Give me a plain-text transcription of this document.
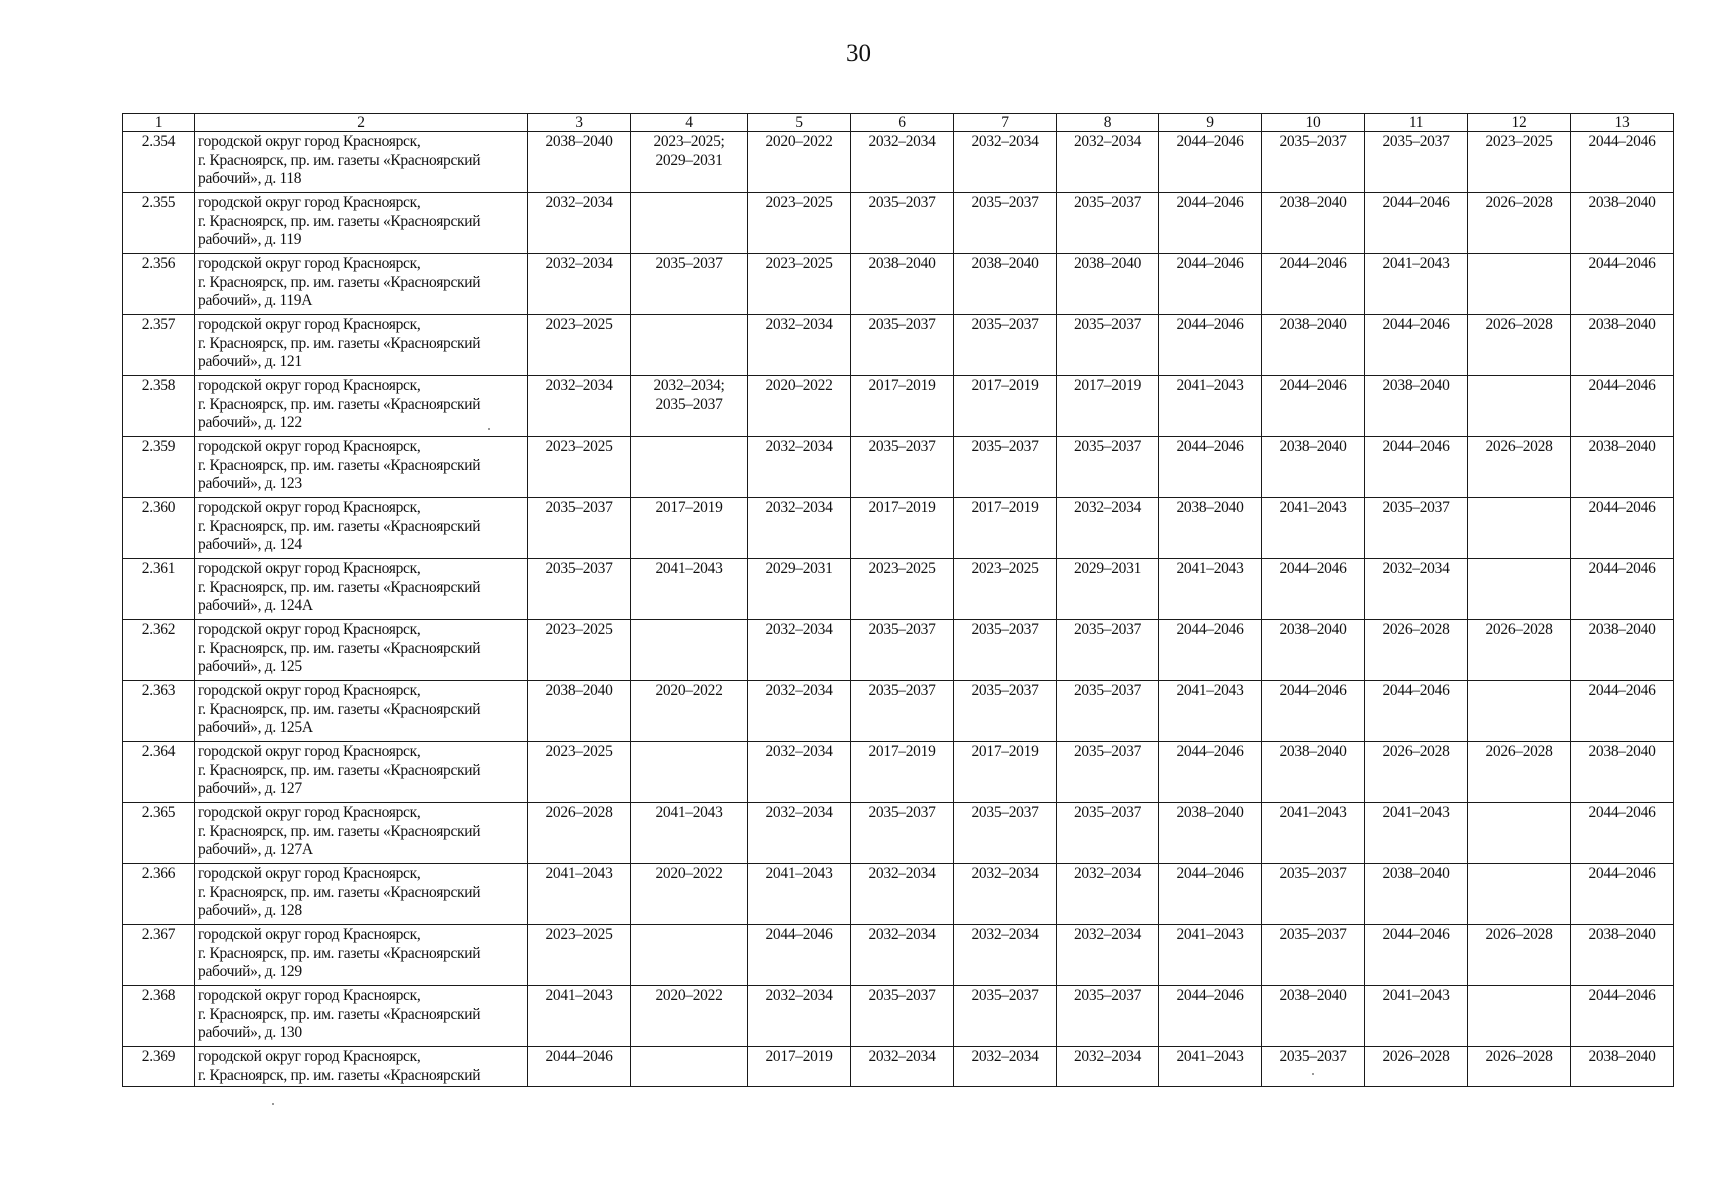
30
1	2	3	4	5	6	7	8	9	10	11	12	13
2.354	городской округ город Красноярск,
г. Красноярск, пр. им. газеты «Красноярский
рабочий», д. 118	2038–2040	2023–2025;
2029–2031	2020–2022	2032–2034	2032–2034	2032–2034	2044–2046	2035–2037	2035–2037	2023–2025	2044–2046
2.355	городской округ город Красноярск,
г. Красноярск, пр. им. газеты «Красноярский
рабочий», д. 119	2032–2034		2023–2025	2035–2037	2035–2037	2035–2037	2044–2046	2038–2040	2044–2046	2026–2028	2038–2040
2.356	городской округ город Красноярск,
г. Красноярск, пр. им. газеты «Красноярский
рабочий», д. 119А	2032–2034	2035–2037	2023–2025	2038–2040	2038–2040	2038–2040	2044–2046	2044–2046	2041–2043		2044–2046
2.357	городской округ город Красноярск,
г. Красноярск, пр. им. газеты «Красноярский
рабочий», д. 121	2023–2025		2032–2034	2035–2037	2035–2037	2035–2037	2044–2046	2038–2040	2044–2046	2026–2028	2038–2040
2.358	городской округ город Красноярск,
г. Красноярск, пр. им. газеты «Красноярский
рабочий», д. 122	2032–2034	2032–2034;
2035–2037	2020–2022	2017–2019	2017–2019	2017–2019	2041–2043	2044–2046	2038–2040		2044–2046
2.359	городской округ город Красноярск,
г. Красноярск, пр. им. газеты «Красноярский
рабочий», д. 123	2023–2025		2032–2034	2035–2037	2035–2037	2035–2037	2044–2046	2038–2040	2044–2046	2026–2028	2038–2040
2.360	городской округ город Красноярск,
г. Красноярск, пр. им. газеты «Красноярский
рабочий», д. 124	2035–2037	2017–2019	2032–2034	2017–2019	2017–2019	2032–2034	2038–2040	2041–2043	2035–2037		2044–2046
2.361	городской округ город Красноярск,
г. Красноярск, пр. им. газеты «Красноярский
рабочий», д. 124А	2035–2037	2041–2043	2029–2031	2023–2025	2023–2025	2029–2031	2041–2043	2044–2046	2032–2034		2044–2046
2.362	городской округ город Красноярск,
г. Красноярск, пр. им. газеты «Красноярский
рабочий», д. 125	2023–2025		2032–2034	2035–2037	2035–2037	2035–2037	2044–2046	2038–2040	2026–2028	2026–2028	2038–2040
2.363	городской округ город Красноярск,
г. Красноярск, пр. им. газеты «Красноярский
рабочий», д. 125А	2038–2040	2020–2022	2032–2034	2035–2037	2035–2037	2035–2037	2041–2043	2044–2046	2044–2046		2044–2046
2.364	городской округ город Красноярск,
г. Красноярск, пр. им. газеты «Красноярский
рабочий», д. 127	2023–2025		2032–2034	2017–2019	2017–2019	2035–2037	2044–2046	2038–2040	2026–2028	2026–2028	2038–2040
2.365	городской округ город Красноярск,
г. Красноярск, пр. им. газеты «Красноярский
рабочий», д. 127А	2026–2028	2041–2043	2032–2034	2035–2037	2035–2037	2035–2037	2038–2040	2041–2043	2041–2043		2044–2046
2.366	городской округ город Красноярск,
г. Красноярск, пр. им. газеты «Красноярский
рабочий», д. 128	2041–2043	2020–2022	2041–2043	2032–2034	2032–2034	2032–2034	2044–2046	2035–2037	2038–2040		2044–2046
2.367	городской округ город Красноярск,
г. Красноярск, пр. им. газеты «Красноярский
рабочий», д. 129	2023–2025		2044–2046	2032–2034	2032–2034	2032–2034	2041–2043	2035–2037	2044–2046	2026–2028	2038–2040
2.368	городской округ город Красноярск,
г. Красноярск, пр. им. газеты «Красноярский
рабочий», д. 130	2041–2043	2020–2022	2032–2034	2035–2037	2035–2037	2035–2037	2044–2046	2038–2040	2041–2043		2044–2046
2.369	городской округ город Красноярск,
г. Красноярск, пр. им. газеты «Красноярский	2044–2046		2017–2019	2032–2034	2032–2034	2032–2034	2041–2043	2035–2037	2026–2028	2026–2028	2038–2040
